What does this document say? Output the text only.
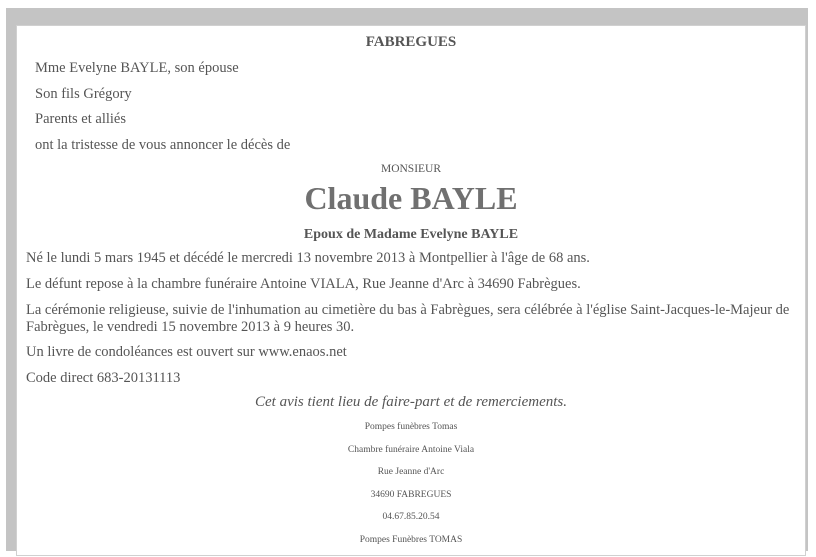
FABREGUES
Mme Evelyne BAYLE, son épouse
Son fils Grégory
Parents et alliés
ont la tristesse de vous annoncer le décès de
MONSIEUR
Claude BAYLE
Epoux de Madame Evelyne BAYLE
Né le lundi 5 mars 1945 et décédé le mercredi 13 novembre 2013 à Montpellier à l'âge de 68 ans.
Le défunt repose à la chambre funéraire Antoine VIALA, Rue Jeanne d'Arc à 34690 Fabrègues.
La cérémonie religieuse, suivie de l'inhumation au cimetière du bas à Fabrègues, sera célébrée à l'église Saint-Jacques-le-Majeur de Fabrègues, le vendredi 15 novembre 2013 à 9 heures 30.
Un livre de condoléances est ouvert sur www.enaos.net
Code direct 683-20131113
Cet avis tient lieu de faire-part et de remerciements.
Pompes funèbres Tomas
Chambre funéraire Antoine Viala
Rue Jeanne d'Arc
34690 FABREGUES
04.67.85.20.54
Pompes Funèbres TOMAS
